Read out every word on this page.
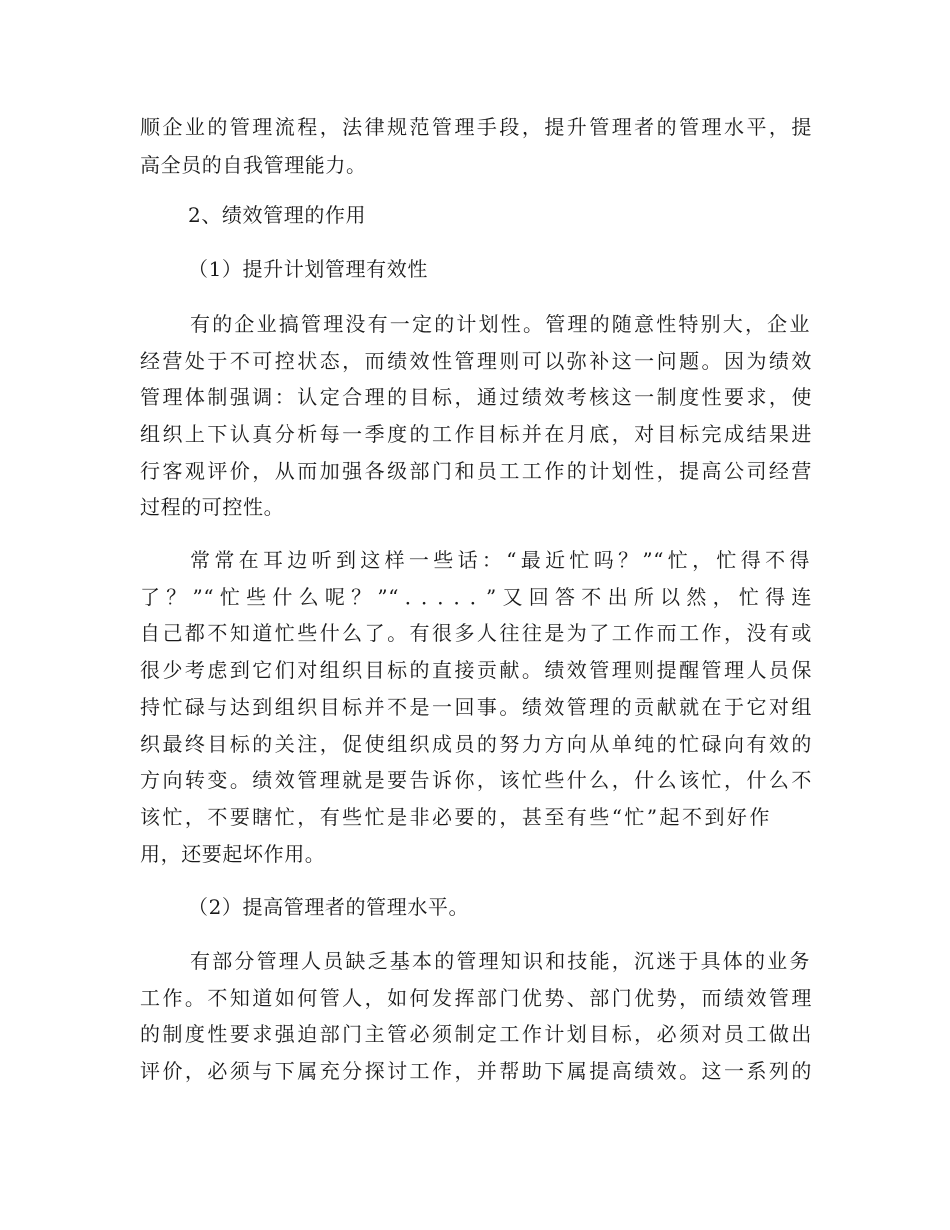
顺企业的管理流程，法律规范管理手段，提升管理者的管理水平，提
高全员的自我管理能力。
2、绩效管理的作用
（1）提升计划管理有效性
有的企业搞管理没有一定的计划性。管理的随意性特别大，企业
经营处于不可控状态，而绩效性管理则可以弥补这一问题。因为绩效
管理体制强调：认定合理的目标，通过绩效考核这一制度性要求，使
组织上下认真分析每一季度的工作目标并在月底，对目标完成结果进
行客观评价，从而加强各级部门和员工工作的计划性，提高公司经营
过程的可控性。
常常在耳边听到这样一些话：“最近忙吗？”“忙，忙得不得
了？”“忙些什么呢？”“．．．．．”又回答不出所以然，忙得连
自己都不知道忙些什么了。有很多人往往是为了工作而工作，没有或
很少考虑到它们对组织目标的直接贡献。绩效管理则提醒管理人员保
持忙碌与达到组织目标并不是一回事。绩效管理的贡献就在于它对组
织最终目标的关注，促使组织成员的努力方向从单纯的忙碌向有效的
方向转变。绩效管理就是要告诉你，该忙些什么，什么该忙，什么不
该忙，不要瞎忙，有些忙是非必要的，甚至有些“忙”起不到好作
用，还要起坏作用。
（2）提高管理者的管理水平。
有部分管理人员缺乏基本的管理知识和技能，沉迷于具体的业务
工作。不知道如何管人，如何发挥部门优势、部门优势，而绩效管理
的制度性要求强迫部门主管必须制定工作计划目标，必须对员工做出
评价，必须与下属充分探讨工作，并帮助下属提高绩效。这一系列的
